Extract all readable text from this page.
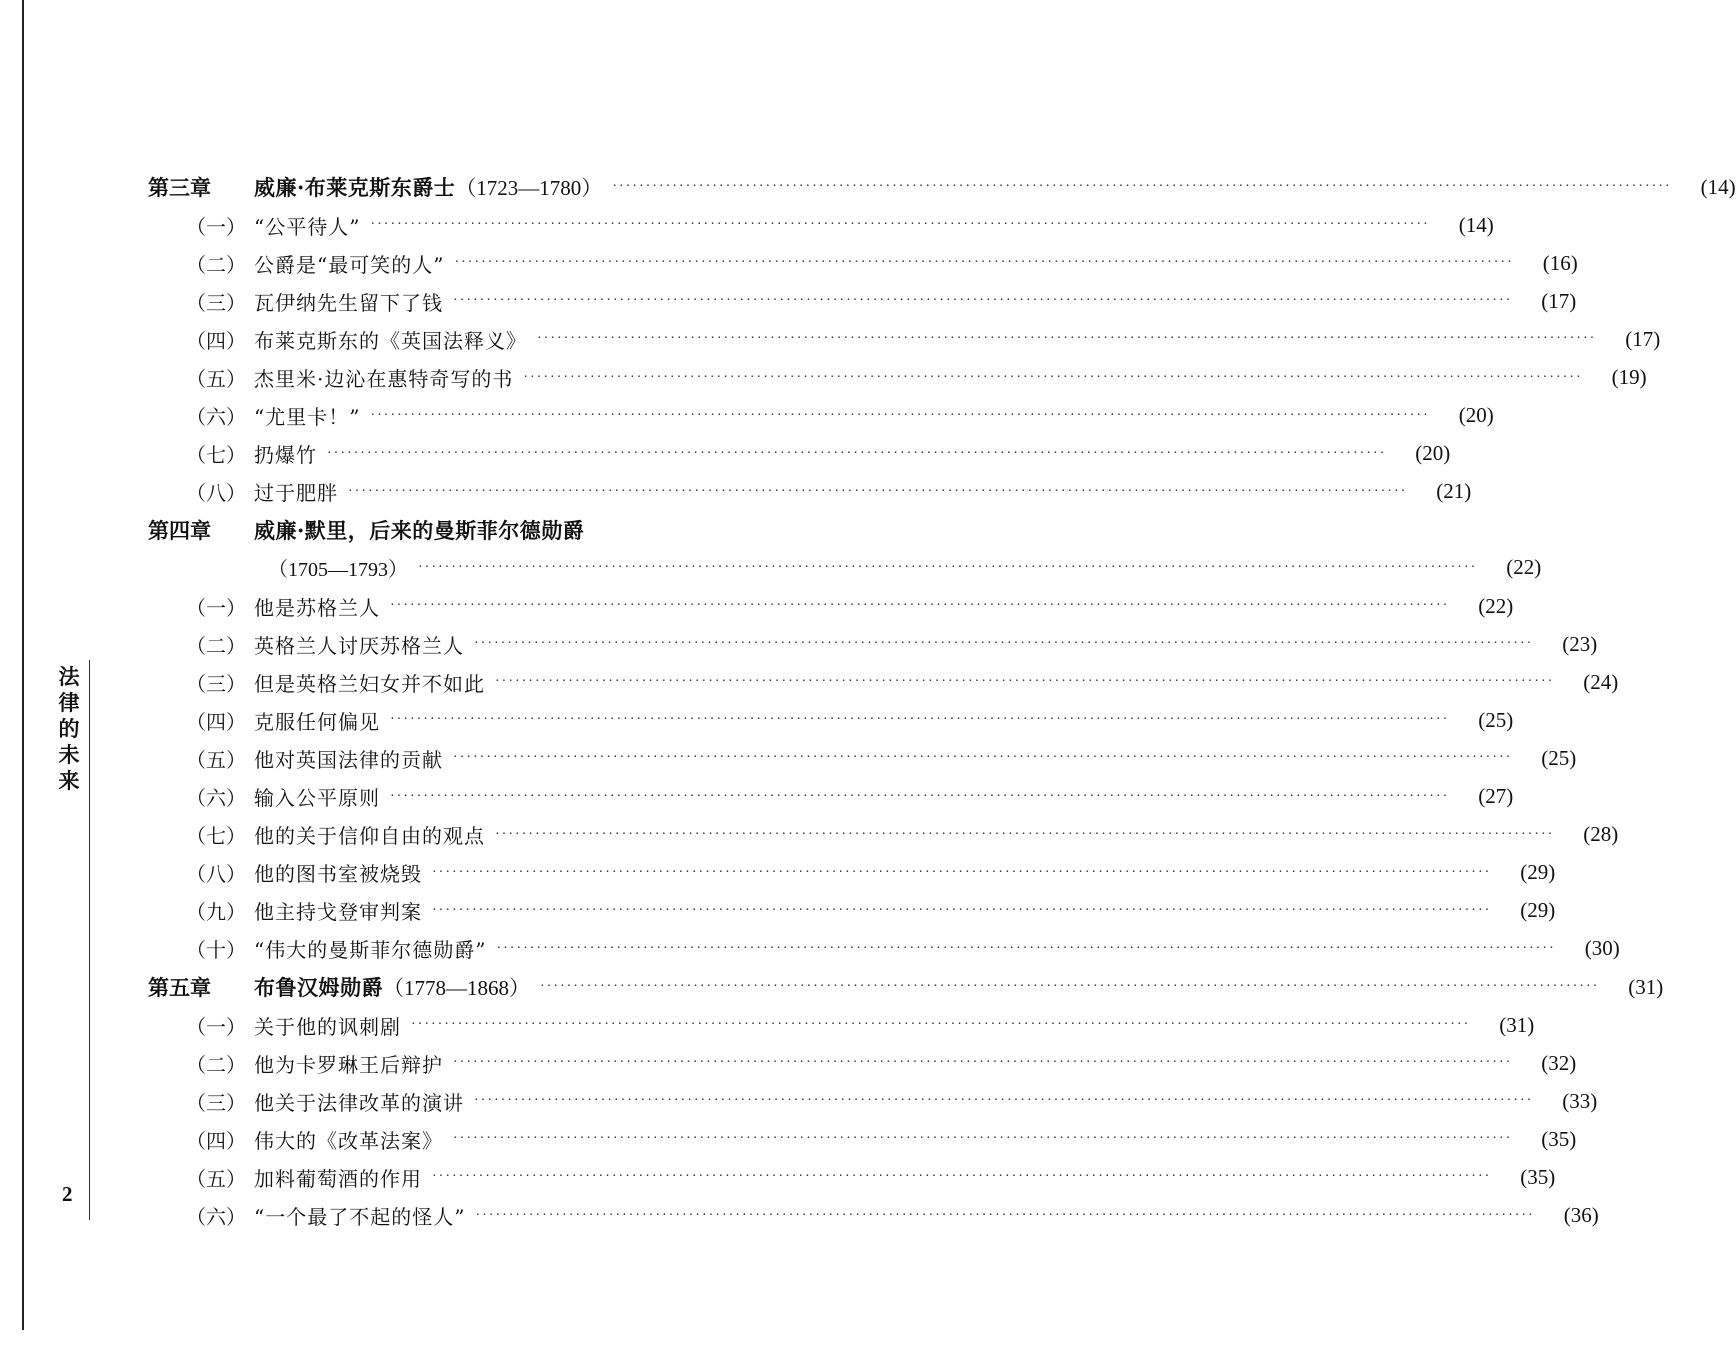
法律的未来
2
第三章	威廉·布莱克斯东爵士（1723—1780） ·····	(14)
（一） “公平待人” ·····	(14)
（二） 公爵是“最可笑的人” ·····	(16)
（三） 瓦伊纳先生留下了钱 ·····	(17)
（四） 布莱克斯东的《英国法释义》 ·····	(17)
（五） 杰里米·边沁在惠特奇写的书 ·····	(19)
（六） “尤里卡！” ·····	(20)
（七） 扔爆竹 ·····	(20)
（八） 过于肥胖 ·····	(21)
第四章	威廉·默里，后来的曼斯菲尔德勋爵
（1705—1793） ·····	(22)
（一） 他是苏格兰人 ·····	(22)
（二） 英格兰人讨厌苏格兰人 ·····	(23)
（三） 但是英格兰妇女并不如此 ·····	(24)
（四） 克服任何偏见 ·····	(25)
（五） 他对英国法律的贡献 ·····	(25)
（六） 输入公平原则 ·····	(27)
（七） 他的关于信仰自由的观点 ·····	(28)
（八） 他的图书室被烧毁 ·····	(29)
（九） 他主持戈登审判案 ·····	(29)
（十） “伟大的曼斯菲尔德勋爵” ·····	(30)
第五章	布鲁汉姆勋爵（1778—1868） ·····	(31)
（一） 关于他的讽刺剧 ·····	(31)
（二） 他为卡罗琳王后辩护 ·····	(32)
（三） 他关于法律改革的演讲 ·····	(33)
（四） 伟大的《改革法案》 ·····	(35)
（五） 加料葡萄酒的作用 ·····	(35)
（六） “一个最了不起的怪人” ·····	(36)
